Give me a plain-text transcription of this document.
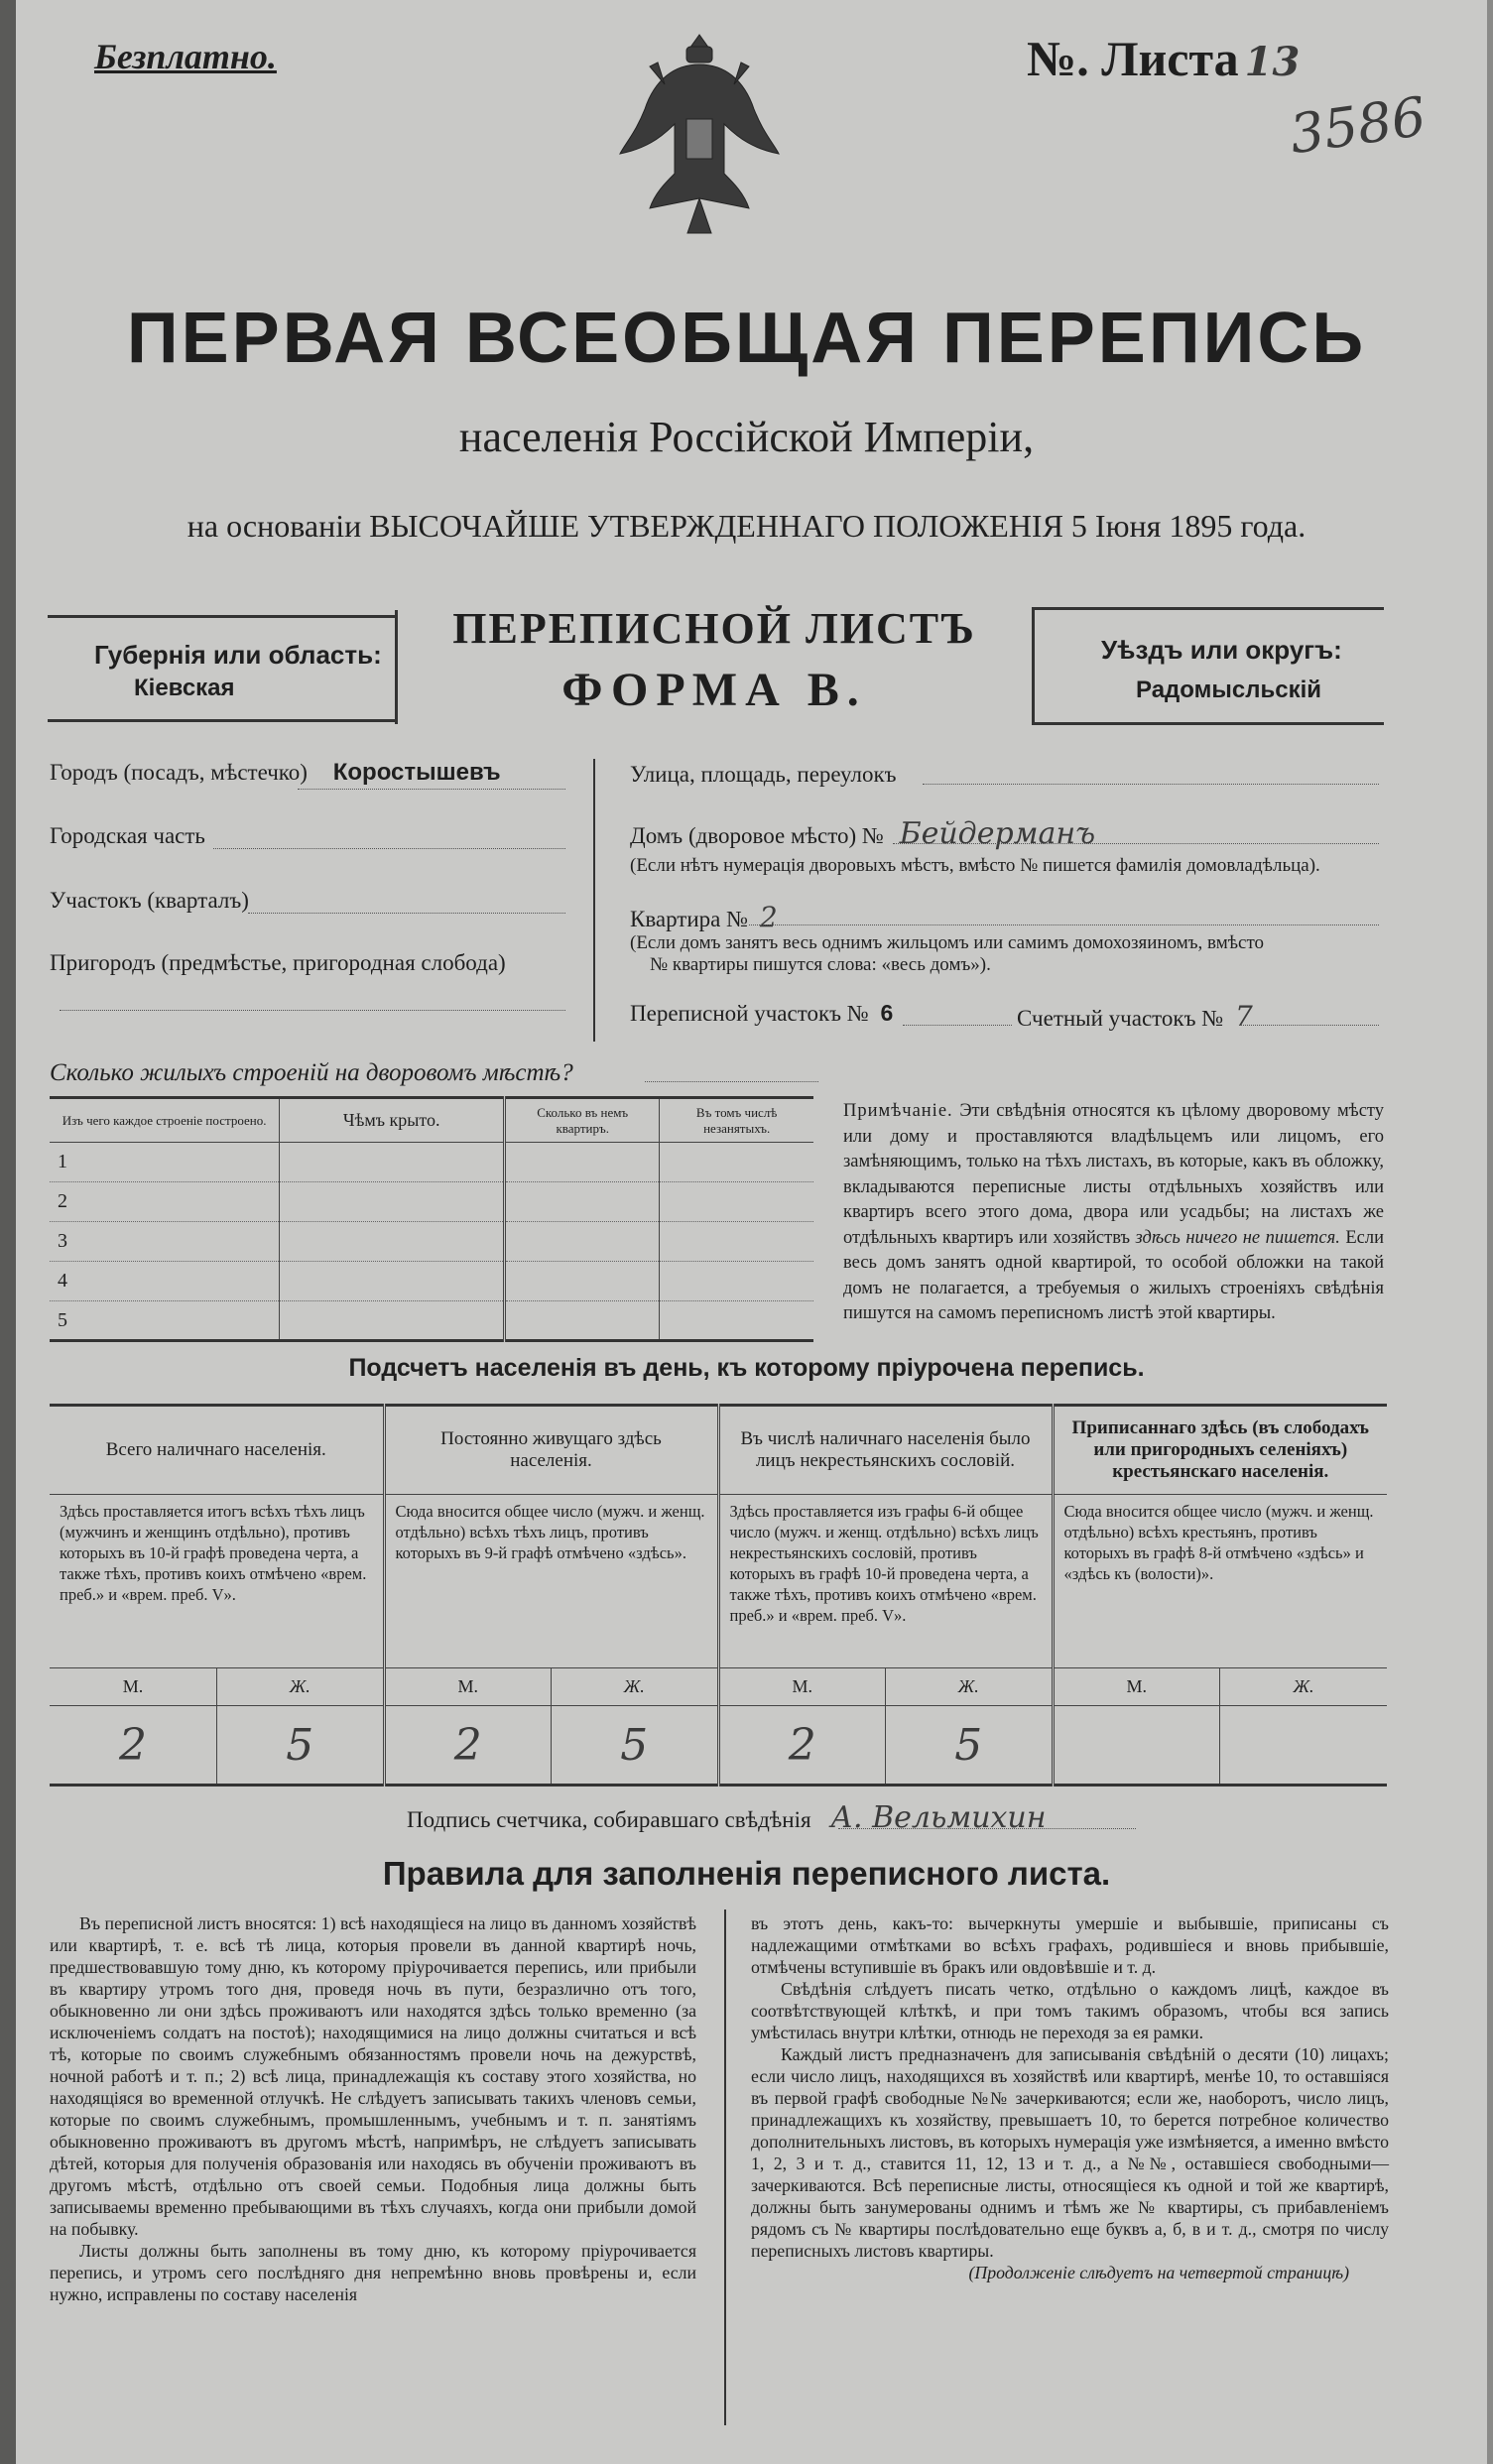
Безплатно.	№. Листа 13
3586
ПЕРВАЯ ВСЕОБЩАЯ ПЕРЕПИСЬ
населенія Россійской Имперіи,
на основаніи ВЫСОЧАЙШЕ УТВЕРЖДЕННАГО ПОЛОЖЕНІЯ 5 Іюня 1895 года.
Губернія или область:
Кіевская
Уѣздъ или округъ:
Радомысльскій
ПЕРЕПИСНОЙ ЛИСТЪ
ФОРМА В.
Городъ (посадъ, мѣстечко) Коростышевъ
Городская часть
Участокъ (кварталъ)
Пригородъ (предмѣстье, пригородная слобода)
Улица, площадь, переулокъ
Домъ (дворовое мѣсто) № Бейдерманъ
(Если нѣтъ нумерація дворовыхъ мѣстъ, вмѣсто № пишется фамилія домовладѣльца).
Квартира № 2
(Если домъ занятъ весь однимъ жильцомъ или самимъ домохозяиномъ, вмѣсто
№ квартиры пишутся слова: «весь домъ»).
Переписной участокъ № 6	Счетный участокъ № 7
Сколько жилыхъ строеній на дворовомъ мѣстѣ?
Изъ чего каждое строеніе построено.	Чѣмъ крыто.	Сколько въ немъ квартиръ.	Въ томъ числѣ незанятыхъ.
1			
2			
3			
4			
5			
Примѣчаніе. Эти свѣдѣнія относятся къ цѣлому дворовому мѣсту или дому и проставляются владѣльцемъ или лицомъ, его замѣняющимъ, только на тѣхъ листахъ, въ которые, какъ въ обложку, вкладываются переписные листы отдѣльныхъ хозяйствъ или квартиръ всего этого дома, двора или усадьбы; на листахъ же отдѣльныхъ квартиръ или хозяйствъ здѣсь ничего не пишется. Если весь домъ занятъ одной квартирой, то особой обложки на такой домъ не полагается, а требуемыя о жилыхъ строеніяхъ свѣдѣнія пишутся на самомъ переписномъ листѣ этой квартиры.
Подсчетъ населенія въ день, къ которому пріурочена перепись.
Всего наличнаго населенія.		Постоянно живущаго здѣсь населенія.		Въ числѣ наличнаго населенія было лицъ некрестьянскихъ сословій.		Приписаннаго здѣсь (въ слободахъ или пригородныхъ селеніяхъ) крестьянскаго населенія.	
Здѣсь проставляется итогъ всѣхъ тѣхъ лицъ (мужчинъ и женщинъ отдѣльно), противъ которыхъ въ 10-й графѣ проведена черта, а также тѣхъ, противъ коихъ отмѣчено «врем. преб.» и «врем. преб. V».		Сюда вносится общее число (мужч. и женщ. отдѣльно) всѣхъ тѣхъ лицъ, противъ которыхъ въ 9-й графѣ отмѣчено «здѣсь».		Здѣсь проставляется изъ графы 6-й общее число (мужч. и женщ. отдѣльно) всѣхъ лицъ некрестьянскихъ сословій, противъ которыхъ въ графѣ 10-й проведена черта, а также тѣхъ, противъ коихъ отмѣчено «врем. преб.» и «врем. преб. V».		Сюда вносится общее число (мужч. и женщ. отдѣльно) всѣхъ крестьянъ, противъ которыхъ въ графѣ 8-й отмѣчено «здѣсь» и «здѣсь къ (волости)».	
М.	Ж.	М.	Ж.	М.	Ж.	М.	Ж.
2	5	2	5	2	5		
Подпись счетчика, собиравшаго свѣдѣнія А. Вельмихин
Правила для заполненія переписного листа.

Въ переписной листъ вносятся: 1) всѣ находящіеся на лицо въ данномъ хозяйствѣ или квартирѣ, т. е. всѣ тѣ лица, которыя провели въ данной квартирѣ ночь, предшествовавшую тому дню, къ которому пріурочивается перепись, или прибыли въ квартиру утромъ того дня, проведя ночь въ пути, безразлично отъ того, обыкновенно ли они здѣсь проживаютъ или находятся здѣсь только временно (за исключеніемъ солдатъ на постоѣ); находящимися на лицо должны считаться и всѣ тѣ, которые по своимъ служебнымъ обязанностямъ провели ночь на дежурствѣ, ночной работѣ и т. п.; 2) всѣ лица, принадлежащія къ составу этого хозяйства, но находящіяся во временной отлучкѣ. Не слѣдуетъ записывать такихъ членовъ семьи, которые по своимъ служебнымъ, промышленнымъ, учебнымъ и т. п. занятіямъ обыкновенно проживаютъ въ другомъ мѣстѣ, напримѣръ, не слѣдуетъ записывать дѣтей, которыя для полученія образованія или находясь въ обученіи проживаютъ въ другомъ мѣстѣ, отдѣльно отъ своей семьи. Подобныя лица должны быть записываемы временно пребывающими въ тѣхъ случаяхъ, когда они прибыли домой на побывку.

Листы должны быть заполнены въ тому дню, къ которому пріурочивается перепись, и утромъ сего послѣдняго дня непремѣнно вновь провѣрены и, если нужно, исправлены по составу населенія

въ этотъ день, какъ-то: вычеркнуты умершіе и выбывшіе, приписаны съ надлежащими отмѣтками во всѣхъ графахъ, родившіеся и вновь прибывшіе, отмѣчены вступившіе въ бракъ или овдовѣвшіе и т. д.

Свѣдѣнія слѣдуетъ писать четко, отдѣльно о каждомъ лицѣ, каждое въ соотвѣтствующей клѣткѣ, и при томъ такимъ образомъ, чтобы вся запись умѣстилась внутри клѣтки, отнюдь не переходя за ея рамки.

Каждый листъ предназначенъ для записыванія свѣдѣній о десяти (10) лицахъ; если число лицъ, находящихся въ хозяйствѣ или квартирѣ, менѣе 10, то оставшіяся въ первой графѣ свободные №№ зачеркиваются; если же, наоборотъ, число лицъ, принадлежащихъ къ хозяйству, превышаетъ 10, то берется потребное количество дополнительныхъ листовъ, въ которыхъ нумерація уже измѣняется, а именно вмѣсто 1, 2, 3 и т. д., ставится 11, 12, 13 и т. д., а №№, оставшіеся свободными—зачеркиваются. Всѣ переписные листы, относящіеся къ одной и той же квартирѣ, должны быть занумерованы однимъ и тѣмъ же № квартиры, съ прибавленіемъ рядомъ съ № квартиры послѣдовательно еще буквъ а, б, в и т. д., смотря по числу переписныхъ листовъ квартиры.

(Продолженіе слѣдуетъ на четвертой страницѣ)
